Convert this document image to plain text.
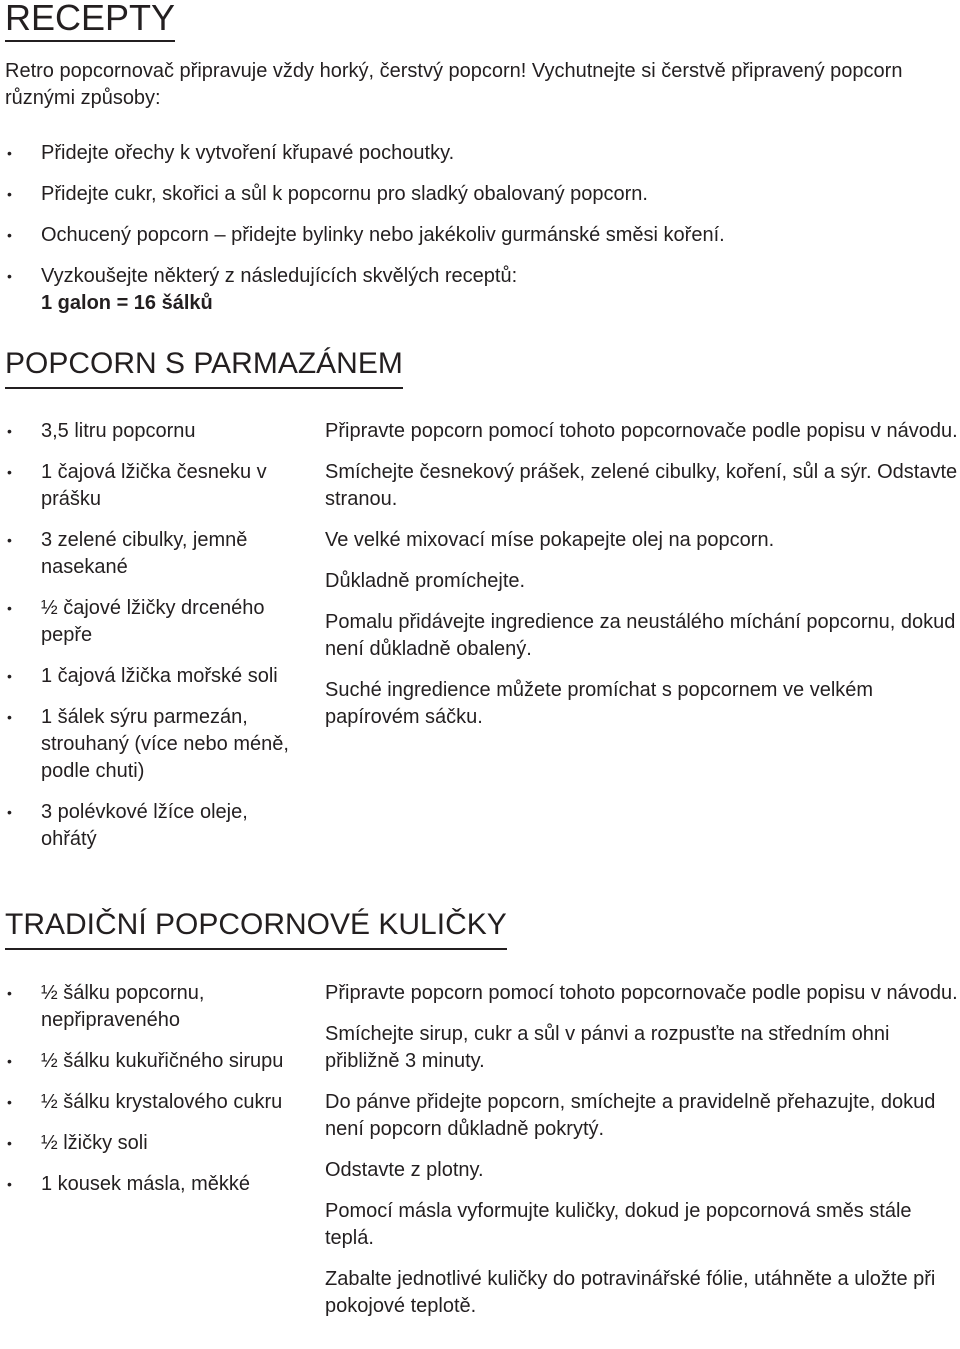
RECEPTY

Retro popcornovač připravuje vždy horký, čerstvý popcorn! Vychutnejte si čerstvě připravený popcorn různými způsoby:

• Přidejte ořechy k vytvoření křupavé pochoutky.
• Přidejte cukr, skořici a sůl k popcornu pro sladký obalovaný popcorn.
• Ochucený popcorn – přidejte bylinky nebo jakékoliv gurmánské směsi koření.
• Vyzkoušejte některý z následujících skvělých receptů:
1 galon = 16 šálků
POPCORN S PARMAZÁNEM
• 3,5 litru popcornu
• 1 čajová lžička česneku v prášku
• 3 zelené cibulky, jemně nasekané
• ½ čajové lžičky drceného pepře
• 1 čajová lžička mořské soli
• 1 šálek sýru parmezán, strouhaný (více nebo méně, podle chuti)
• 3 polévkové lžíce oleje, ohřátý

Připravte popcorn pomocí tohoto popcornovače podle popisu v návodu.

Smíchejte česnekový prášek, zelené cibulky, koření, sůl a sýr. Odstavte stranou.

Ve velké mixovací míse pokapejte olej na popcorn.

Důkladně promíchejte.

Pomalu přidávejte ingredience za neustálého míchání popcornu, dokud není důkladně obalený.

Suché ingredience můžete promíchat s popcornem ve velkém papírovém sáčku.

TRADIČNÍ POPCORNOVÉ KULIČKY
• ½ šálku popcornu, nepřipraveného
• ½ šálku kukuřičného sirupu
• ½ šálku krystalového cukru
• ½ lžičky soli
• 1 kousek másla, měkké

Připravte popcorn pomocí tohoto popcornovače podle popisu v návodu.

Smíchejte sirup, cukr a sůl v pánvi a rozpusťte na středním ohni přibližně 3 minuty.

Do pánve přidejte popcorn, smíchejte a pravidelně přehazujte, dokud není popcorn důkladně pokrytý.

Odstavte z plotny.

Pomocí másla vyformujte kuličky, dokud je popcornová směs stále teplá.

Zabalte jednotlivé kuličky do potravinářské fólie, utáhněte a uložte při pokojové teplotě.
